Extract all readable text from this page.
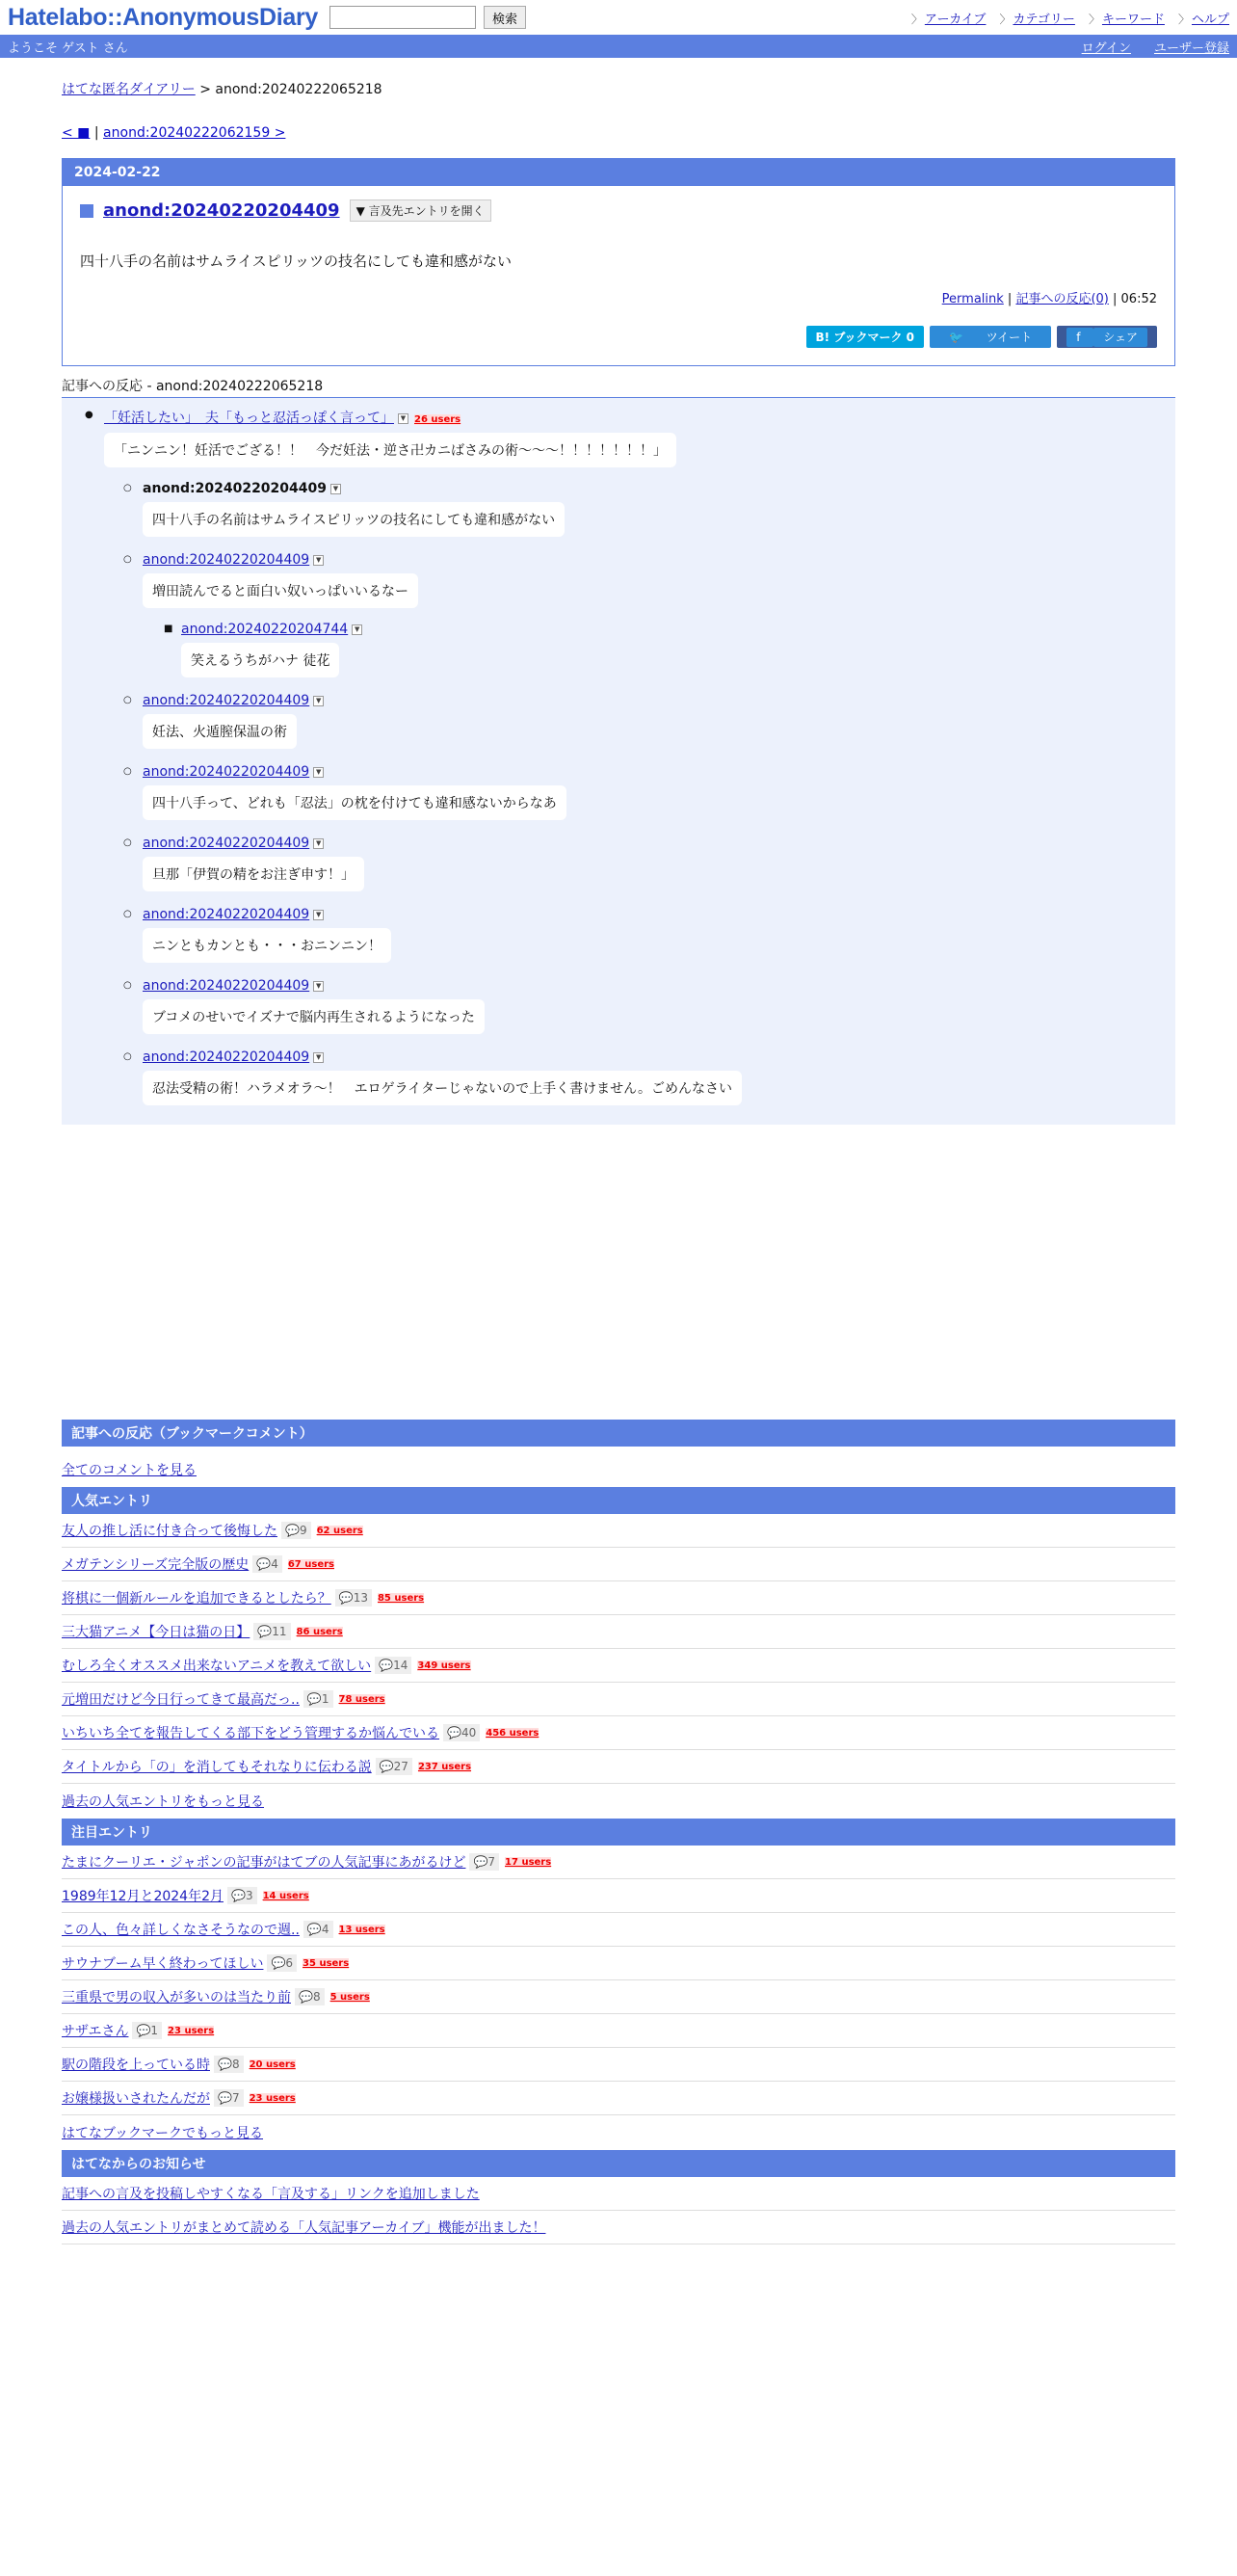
Hatelabo::AnonymousDiary	検索	〉 アーカイブ 〉 カテゴリー 〉 キーワード 〉 ヘルプ
ようこそ ゲスト さん	ログイン ユーザー登録
はてな匿名ダイアリー > anond:20240222065218
< ■ | anond:20240222062159 >
2024-02-22
anond:20240220204409	▼ 言及先エントリを開く
四十八手の名前はサムライスピリッツの技名にしても違和感がない
Permalink | 記事への反応(0) | 06:52
B! ブックマーク 0	🐦 ツイート	f シェア
記事への反応 - anond:20240222065218
● 「妊活したい」　夫「もっと忍活っぽく言って」 ▼ 26 users
「ニンニン！妊活でござる！！　今だ妊法・逆さ卍カニばさみの術〜〜〜！！！！！！！」
○ anond:20240220204409 ▼
四十八手の名前はサムライスピリッツの技名にしても違和感がない
○ anond:20240220204409 ▼
増田読んでると面白い奴いっぱいいるなー
■ anond:20240220204744 ▼
笑えるうちがハナ 徒花
○ anond:20240220204409 ▼
妊法、火遁膣保温の術
○ anond:20240220204409 ▼
四十八手って、どれも「忍法」の枕を付けても違和感ないからなあ
○ anond:20240220204409 ▼
旦那「伊賀の精をお注ぎ申す！」
○ anond:20240220204409 ▼
ニンともカンとも・・・おニンニン！
○ anond:20240220204409 ▼
ブコメのせいでイズナで脳内再生されるようになった
○ anond:20240220204409 ▼
忍法受精の術！ハラメオラ〜！　エロゲライターじゃないので上手く書けません。ごめんなさい
記事への反応（ブックマークコメント）
全てのコメントを見る
人気エントリ
友人の推し活に付き合って後悔した 💬 9 62 users
メガテンシリーズ完全版の歴史 💬 4 67 users
将棋に一個新ルールを追加できるとしたら？ 💬 13 85 users
三大猫アニメ【今日は猫の日】 💬 11 86 users
むしろ全くオススメ出来ないアニメを教えて欲しい 💬 14 349 users
元増田だけど今日行ってきて最高だっ.. 💬 1 78 users
いちいち全てを報告してくる部下をどう管理するか悩んでいる 💬 40 456 users
タイトルから「の」を消してもそれなりに伝わる説 💬 27 237 users
過去の人気エントリをもっと見る
注目エントリ
たまにクーリエ・ジャポンの記事がはてブの人気記事にあがるけど 💬 7 17 users
1989年12月と2024年2月 💬 3 14 users
この人、色々詳しくなさそうなので週.. 💬 4 13 users
サウナブーム早く終わってほしい 💬 6 35 users
三重県で男の収入が多いのは当たり前 💬 8 5 users
サザエさん 💬 1 23 users
駅の階段を上っている時 💬 8 20 users
お嬢様扱いされたんだが 💬 7 23 users
はてなブックマークでもっと見る
はてなからのお知らせ
記事への言及を投稿しやすくなる「言及する」リンクを追加しました
過去の人気エントリがまとめて読める「人気記事アーカイブ」機能が出ました！
